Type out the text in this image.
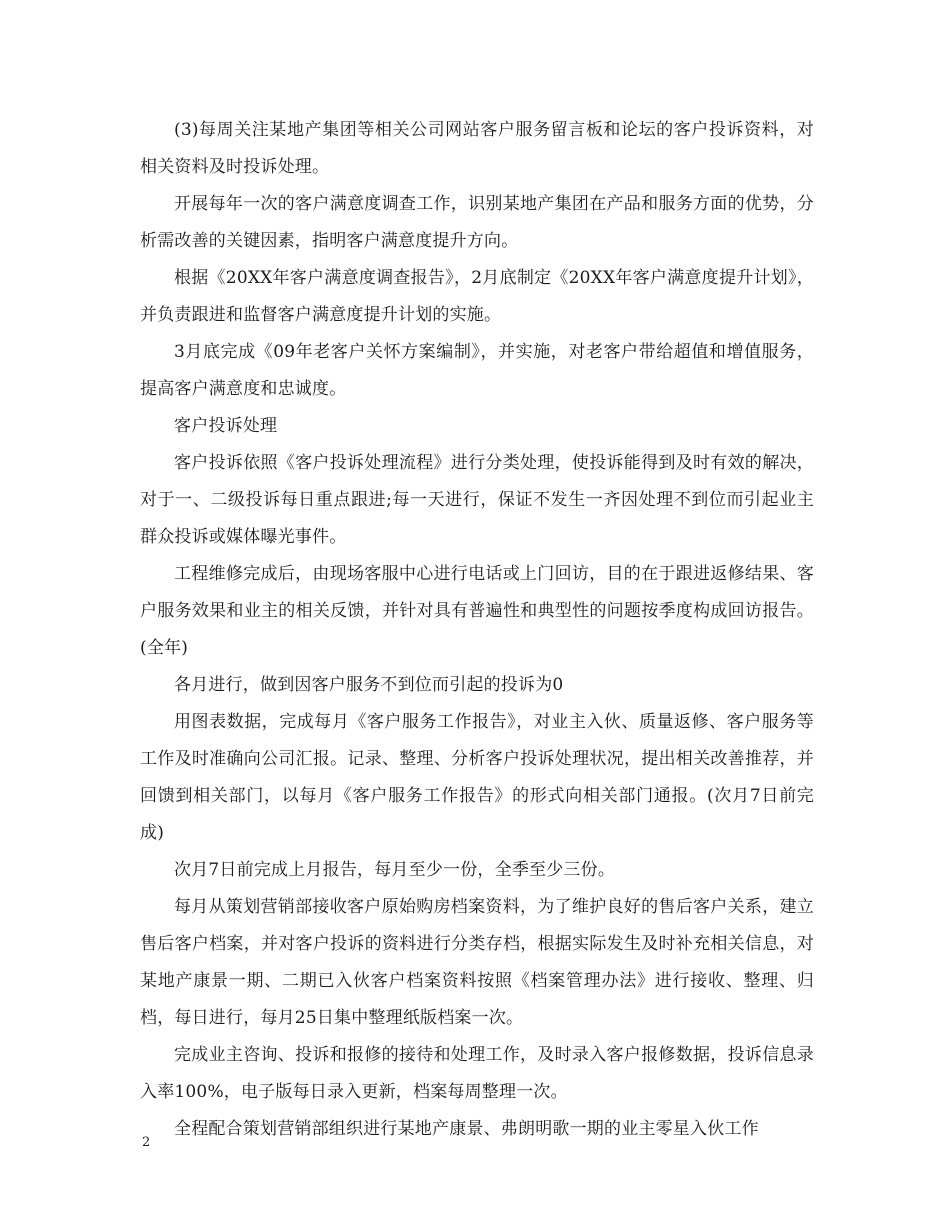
(3)每周关注某地产集团等相关公司网站客户服务留言板和论坛的客户投诉资料，对相关资料及时投诉处理。

开展每年一次的客户满意度调查工作，识别某地产集团在产品和服务方面的优势，分析需改善的关键因素，指明客户满意度提升方向。

根据《20XX年客户满意度调查报告》，2月底制定《20XX年客户满意度提升计划》，并负责跟进和监督客户满意度提升计划的实施。

3月底完成《09年老客户关怀方案编制》，并实施，对老客户带给超值和增值服务，提高客户满意度和忠诚度。

客户投诉处理

客户投诉依照《客户投诉处理流程》进行分类处理，使投诉能得到及时有效的解决，对于一、二级投诉每日重点跟进;每一天进行，保证不发生一齐因处理不到位而引起业主群众投诉或媒体曝光事件。

工程维修完成后，由现场客服中心进行电话或上门回访，目的在于跟进返修结果、客户服务效果和业主的相关反馈，并针对具有普遍性和典型性的问题按季度构成回访报告。(全年)

各月进行，做到因客户服务不到位而引起的投诉为0

用图表数据，完成每月《客户服务工作报告》，对业主入伙、质量返修、客户服务等工作及时准确向公司汇报。记录、整理、分析客户投诉处理状况，提出相关改善推荐，并回馈到相关部门，以每月《客户服务工作报告》的形式向相关部门通报。(次月7日前完成)

次月7日前完成上月报告，每月至少一份，全季至少三份。

每月从策划营销部接收客户原始购房档案资料，为了维护良好的售后客户关系，建立售后客户档案，并对客户投诉的资料进行分类存档，根据实际发生及时补充相关信息，对某地产康景一期、二期已入伙客户档案资料按照《档案管理办法》进行接收、整理、归档，每日进行，每月25日集中整理纸版档案一次。

完成业主咨询、投诉和报修的接待和处理工作，及时录入客户报修数据，投诉信息录入率100%，电子版每日录入更新，档案每周整理一次。

全程配合策划营销部组织进行某地产康景、弗朗明歌一期的业主零星入伙工作

2
